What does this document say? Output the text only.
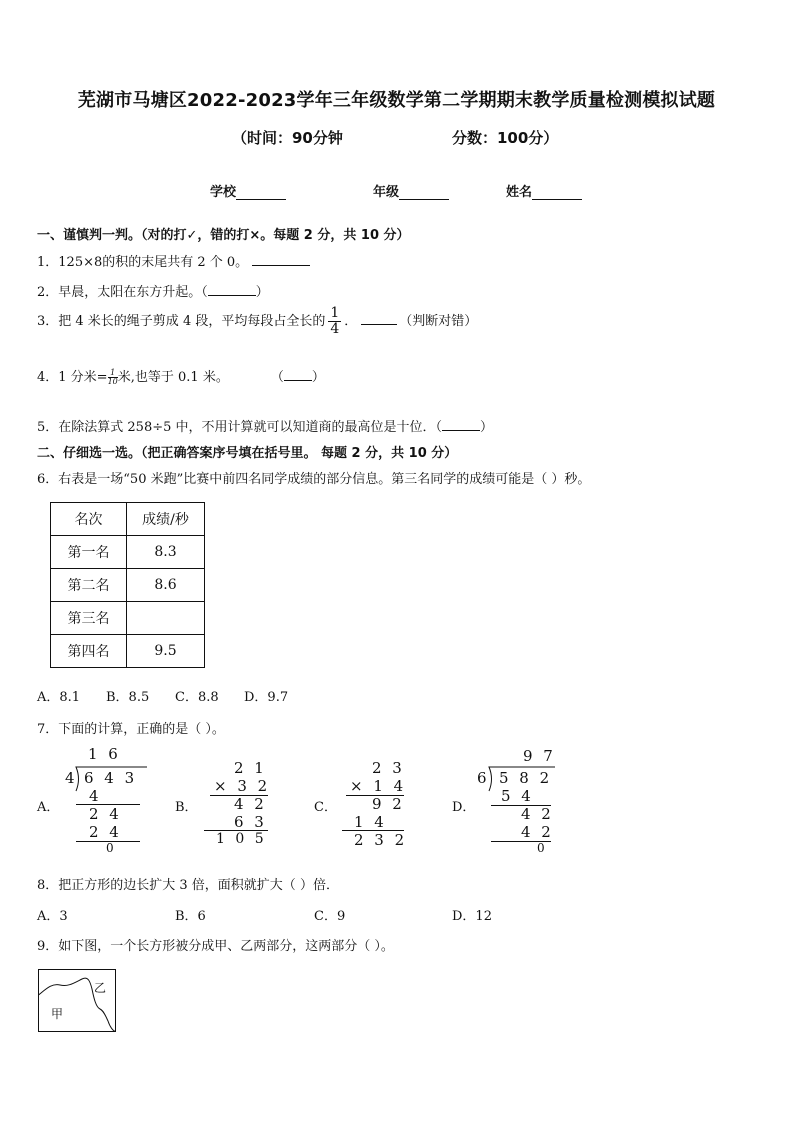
芜湖市马塘区2022-2023学年三年级数学第二学期期末教学质量检测模拟试题
（时间：90分钟	分数：100分）
学校	年级	姓名
一、谨慎判一判。（对的打✓，错的打×。每题 2 分，共 10 分）
1．125×8的积的末尾共有 2 个 0。
2．早晨，太阳在东方升起。（	）
3．把 4 米长的绳子剪成 4 段，平均每段占全长的 $\frac{1}{4}$ ．	（判断对错）
4．1 分米= $\frac{1}{10}$米,也等于 0.1 米。	（ ）
5．在除法算式 258÷5 中，不用计算就可以知道商的最高位是十位．（	）
二、仔细选一选。（把正确答案序号填在括号里。 每题 2 分，共 10 分）
6．右表是一场“50 米跑”比赛中前四名同学成绩的部分信息。第三名同学的成绩可能是（ ）秒。
名次	成绩/秒
第一名	8.3
第二名	8.6
第三名	
第四名	9.5
A．8.1 B．8.5 C．8.8 D．9.7
7．下面的计算，正确的是（ ）。
A．	B．	C．	D．
1 6
4 6 4 3
4
2 4
2 4
0
2 1
× 3 2
4 2
6 3
1 0 5
2 3
× 1 4
9 2
1 4
2 3 2
9 7
6 5 8 2
5 4
4 2
4 2
0
8．把正方形的边长扩大 3 倍，面积就扩大（ ）倍．
A．3	B．6	C．9	D．12
9．如下图，一个长方形被分成甲、乙两部分，这两部分（ ）。
甲
乙
